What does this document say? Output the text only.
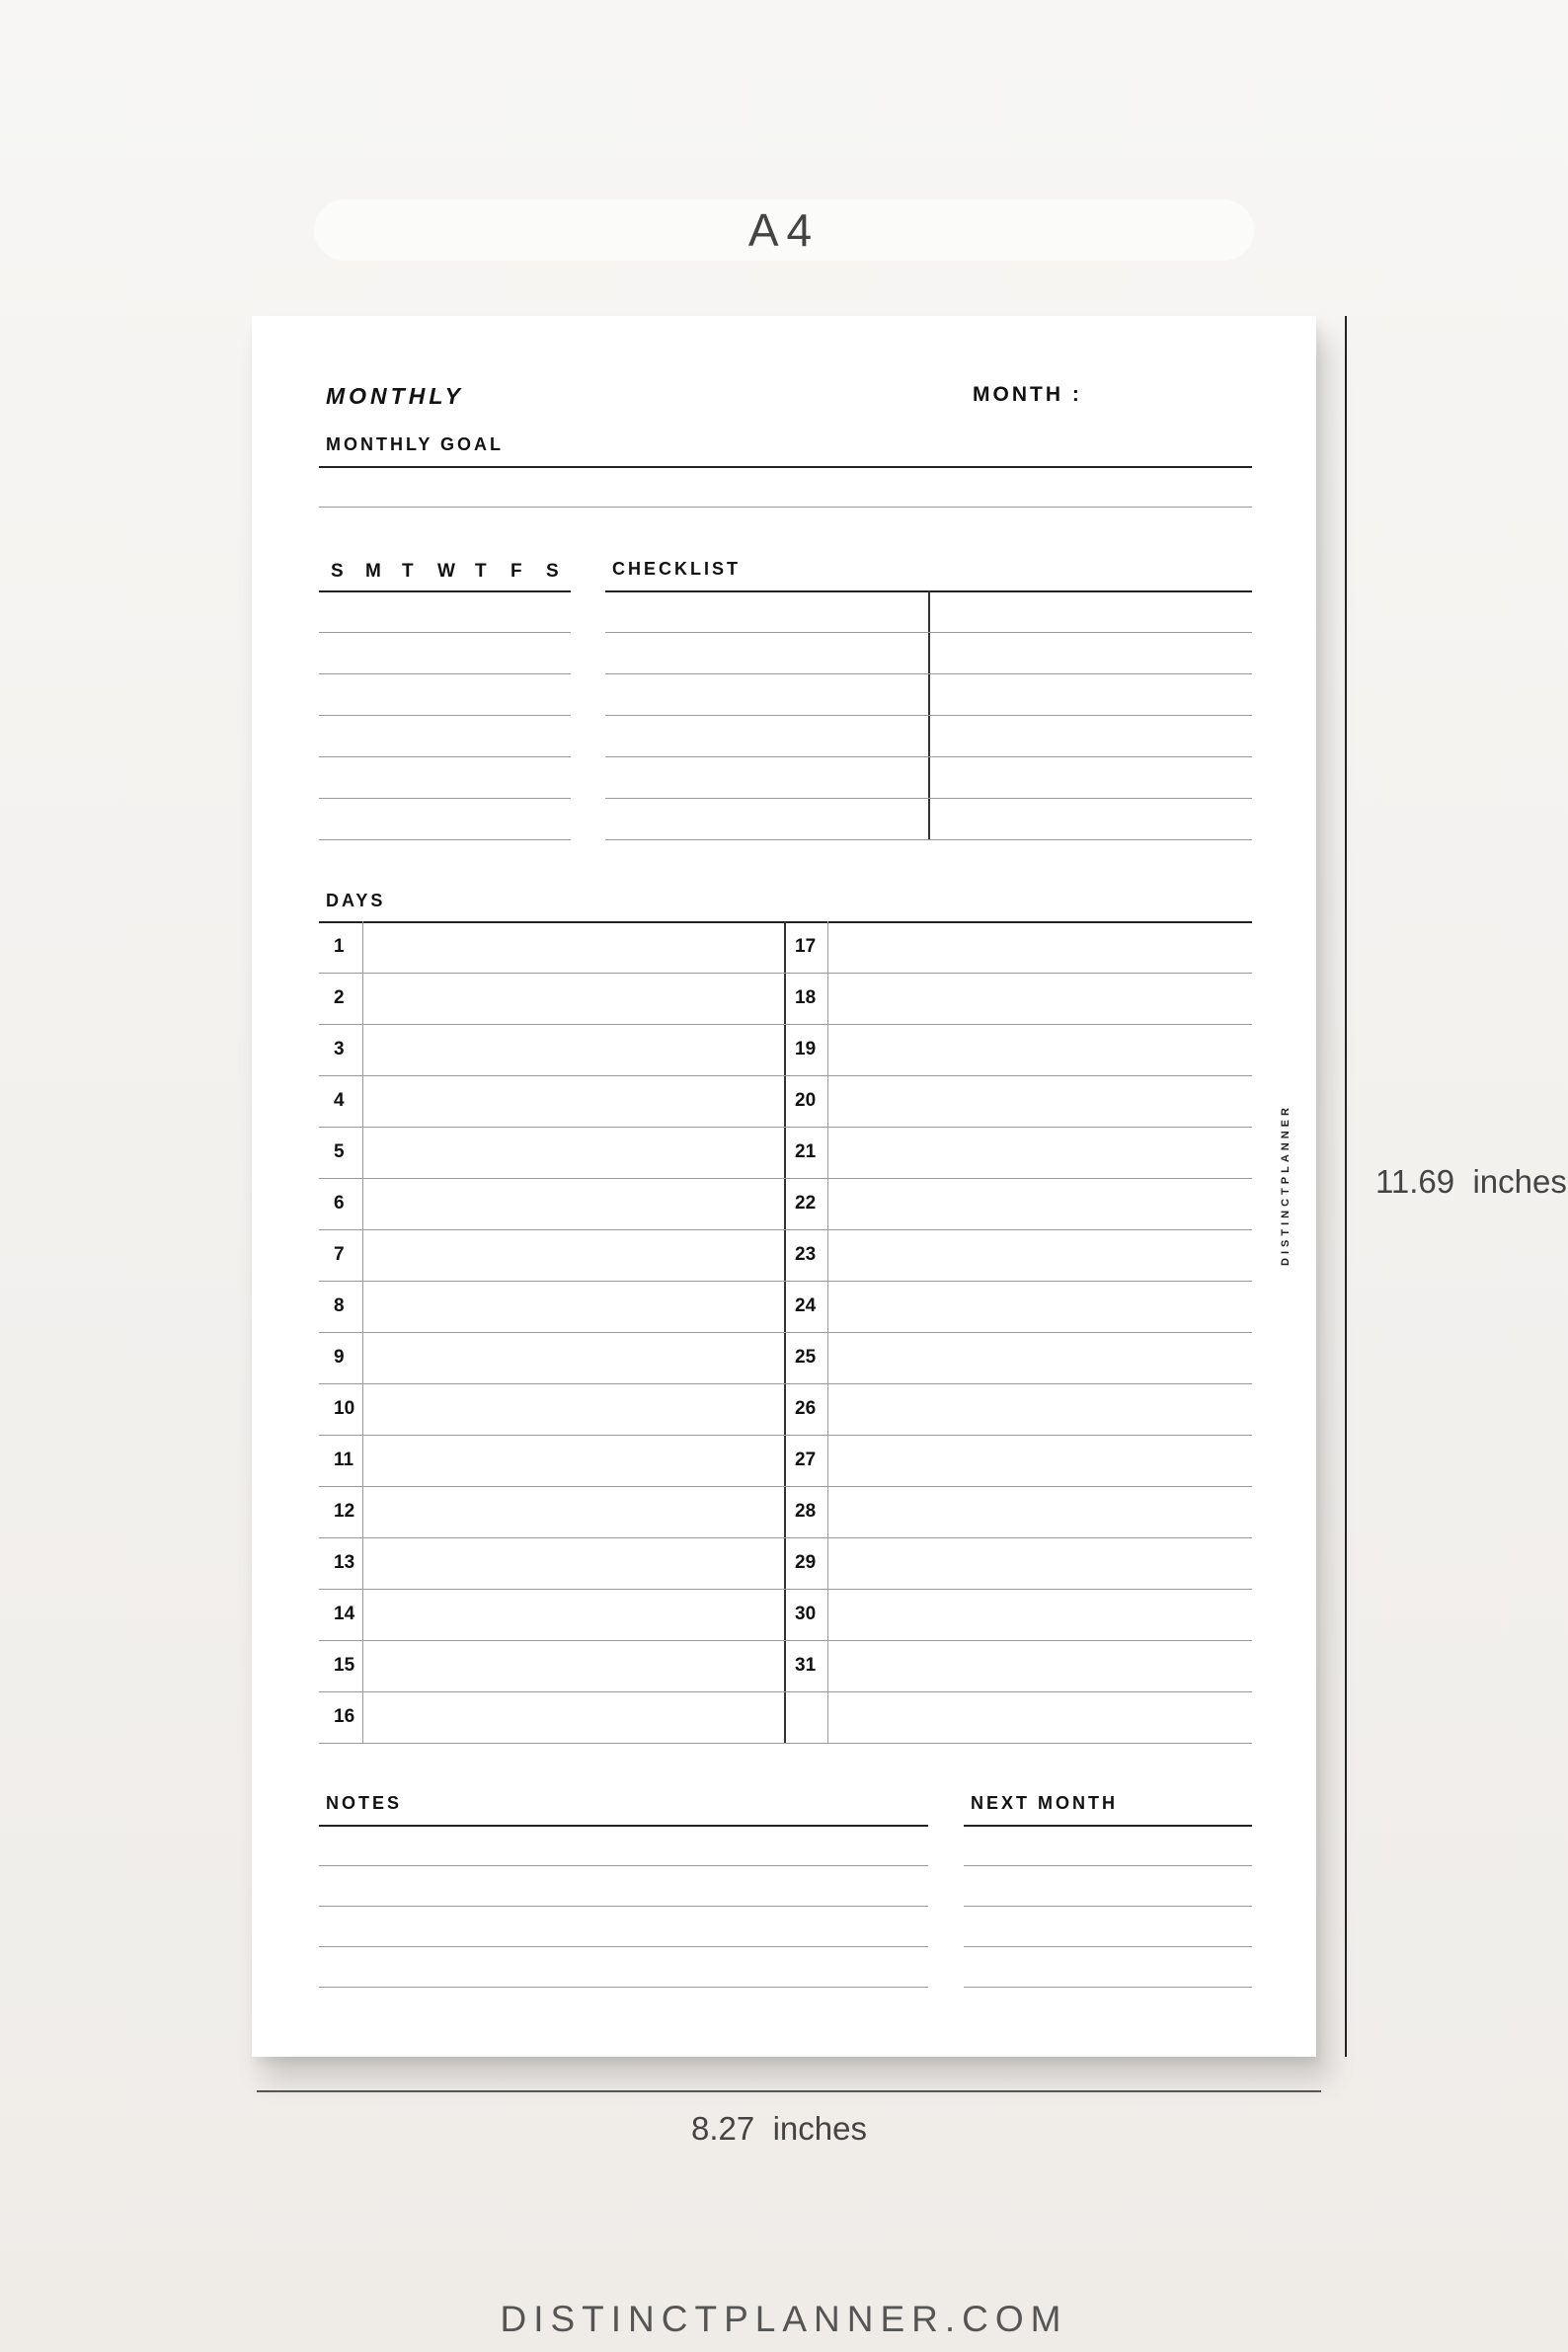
A4
MONTHLY	MONTH :
MONTHLY GOAL
S M T W T F S	CHECKLIST
DAYS
1	17
2	18
3	19
4	20
5	21
6	22
7	23
8	24
9	25
10	26
11	27
12	28
13	29
14	30
15	31
16
NOTES	NEXT MONTH
DISTINCTPLANNER	11.69  inches
8.27  inches
DISTINCTPLANNER.COM
